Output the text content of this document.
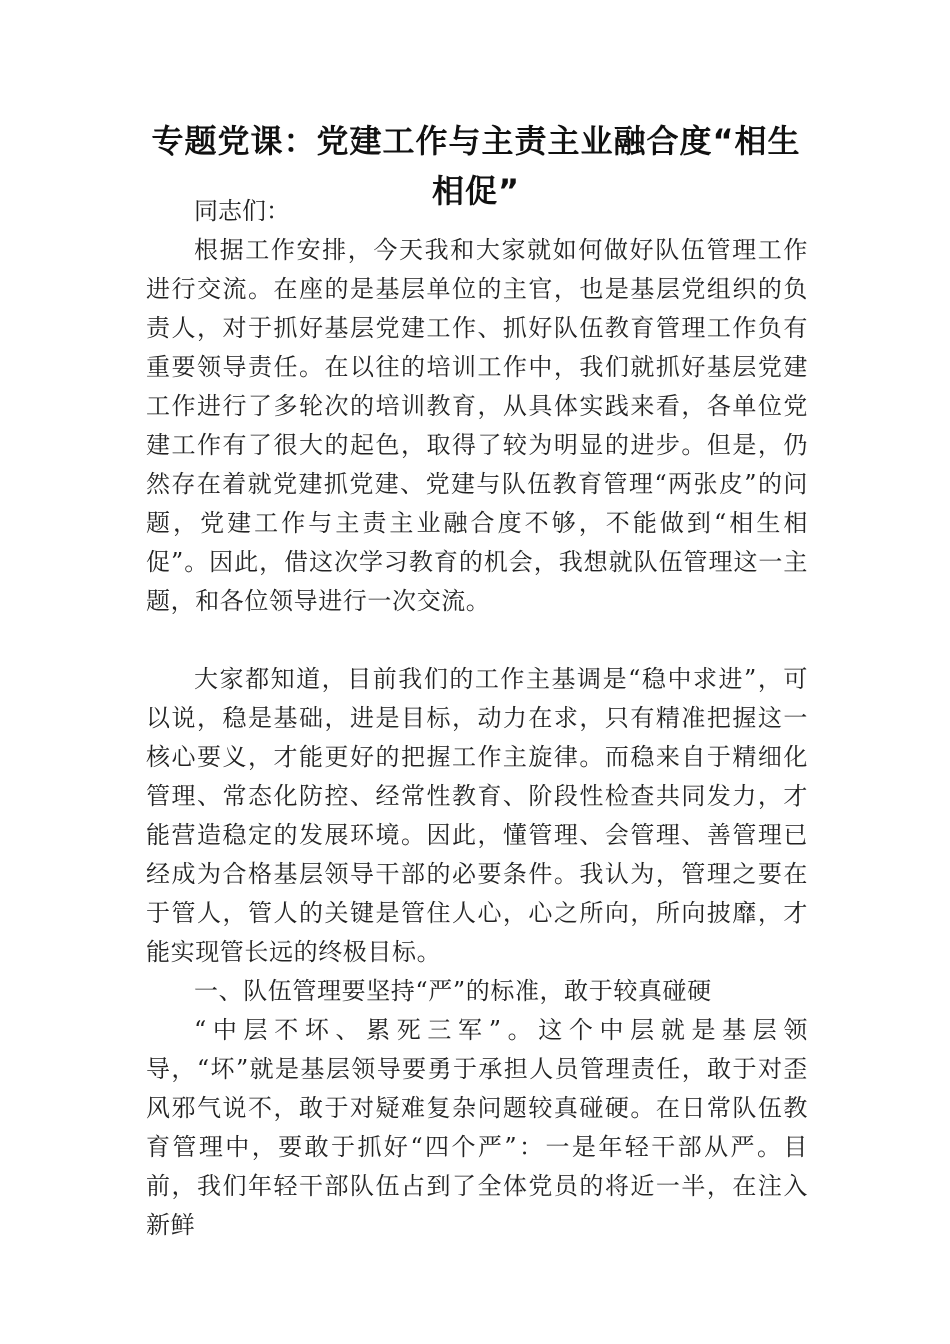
专题党课：党建工作与主责主业融合度“相生相促”

同志们：

根据工作安排，今天我和大家就如何做好队伍管理工作进行交流。在座的是基层单位的主官，也是基层党组织的负责人，对于抓好基层党建工作、抓好队伍教育管理工作负有重要领导责任。在以往的培训工作中，我们就抓好基层党建工作进行了多轮次的培训教育，从具体实践来看，各单位党建工作有了很大的起色，取得了较为明显的进步。但是，仍然存在着就党建抓党建、党建与队伍教育管理“两张皮”的问题，党建工作与主责主业融合度不够，不能做到“相生相促”。因此，借这次学习教育的机会，我想就队伍管理这一主题，和各位领导进行一次交流。

大家都知道，目前我们的工作主基调是“稳中求进”，可以说，稳是基础，进是目标，动力在求，只有精准把握这一核心要义，才能更好的把握工作主旋律。而稳来自于精细化管理、常态化防控、经常性教育、阶段性检查共同发力，才能营造稳定的发展环境。因此，懂管理、会管理、善管理已经成为合格基层领导干部的必要条件。我认为，管理之要在于管人，管人的关键是管住人心，心之所向，所向披靡，才能实现管长远的终极目标。

一、队伍管理要坚持“严”的标准，敢于较真碰硬

“中层不坏、累死三军”。这个中层就是基层领导，“坏”就是基层领导要勇于承担人员管理责任，敢于对歪风邪气说不，敢于对疑难复杂问题较真碰硬。在日常队伍教育管理中，要敢于抓好“四个严”：一是年轻干部从严。目前，我们年轻干部队伍占到了全体党员的将近一半，在注入新鲜
